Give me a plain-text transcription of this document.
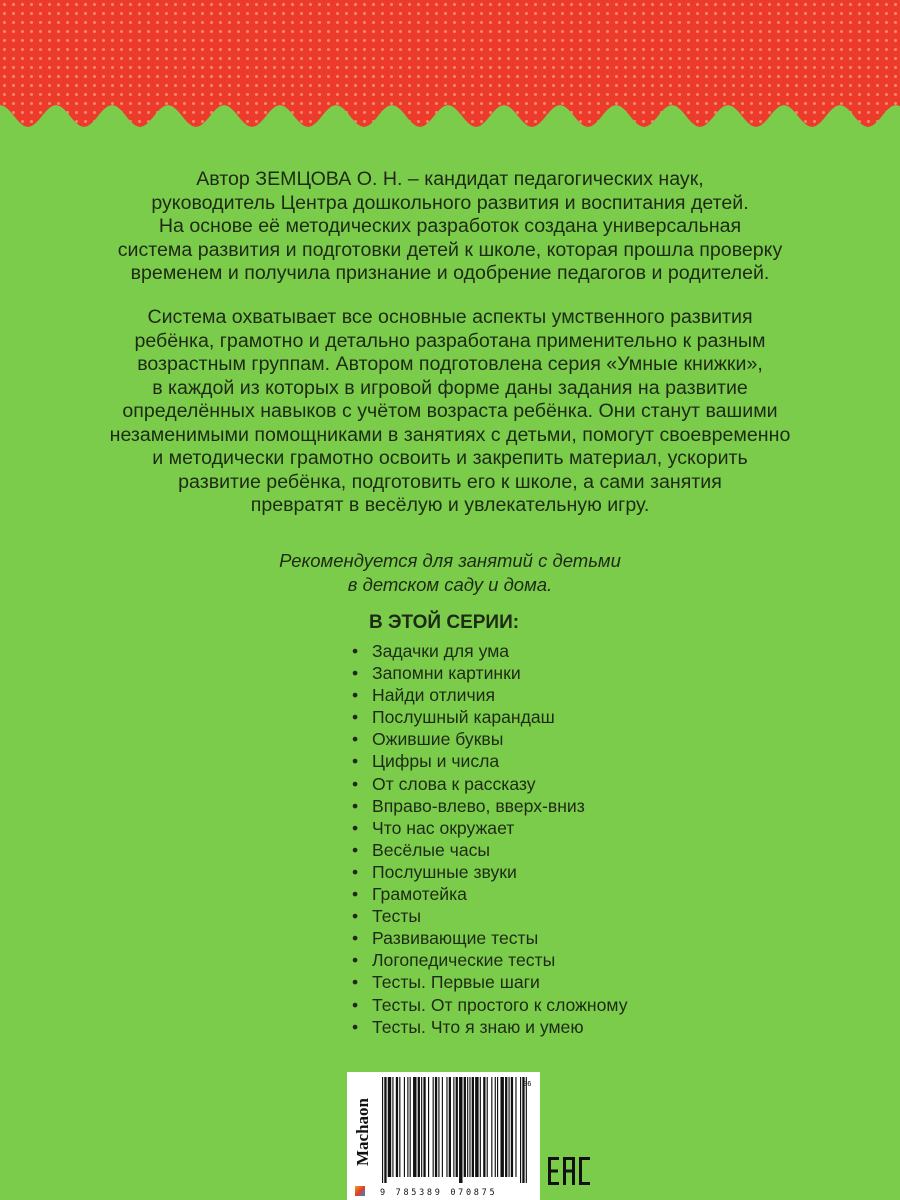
Автор ЗЕМЦОВА О. Н. – кандидат педагогических наук,
руководитель Центра дошкольного развития и воспитания детей.
На основе её методических разработок создана универсальная
система развития и подготовки детей к школе, которая прошла проверку
временем и получила признание и одобрение педагогов и родителей.
Система охватывает все основные аспекты умственного развития
ребёнка, грамотно и детально разработана применительно к разным
возрастным группам. Автором подготовлена серия «Умные книжки»,
в каждой из которых в игровой форме даны задания на развитие
определённых навыков с учётом возраста ребёнка. Они станут вашими
незаменимыми помощниками в занятиях с детьми, помогут своевременно
и методически грамотно освоить и закрепить материал, ускорить
развитие ребёнка, подготовить его к школе, а сами занятия
превратят в весёлую и увлекательную игру.
Рекомендуется для занятий с детьми
в детском саду и дома.
В ЭТОЙ СЕРИИ:
• Задачки для ума
• Запомни картинки
• Найди отличия
• Послушный карандаш
• Ожившие буквы
• Цифры и числа
• От слова к рассказу
• Вправо-влево, вверх-вниз
• Что нас окружает
• Весёлые часы
• Послушные звуки
• Грамотейка
• Тесты
• Развивающие тесты
• Логопедические тесты
• Тесты. Первые шаги
• Тесты. От простого к сложному
• Тесты. Что я знаю и умею
Machaon
9 785389 070875
06
